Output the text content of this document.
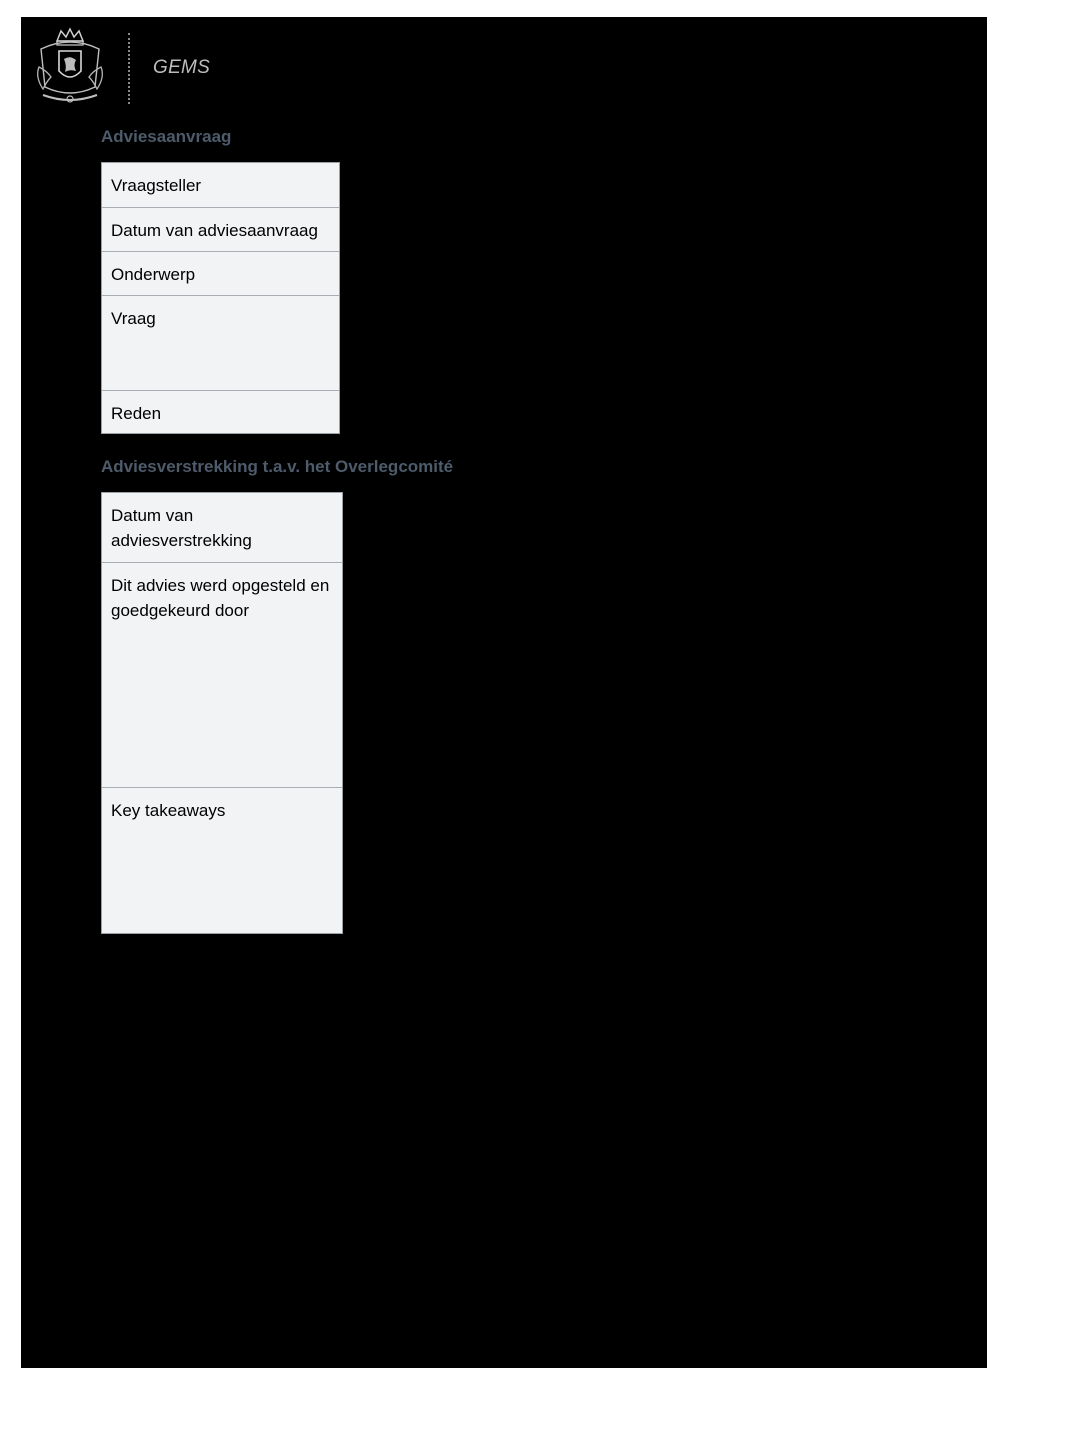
GEMS
Adviesaanvraag
Vraagsteller
Datum van adviesaanvraag
Onderwerp
Vraag
Reden
Adviesverstrekking t.a.v. het Overlegcomité
Datum van adviesverstrekking
Dit advies werd opgesteld en goedgekeurd door
Key takeaways
